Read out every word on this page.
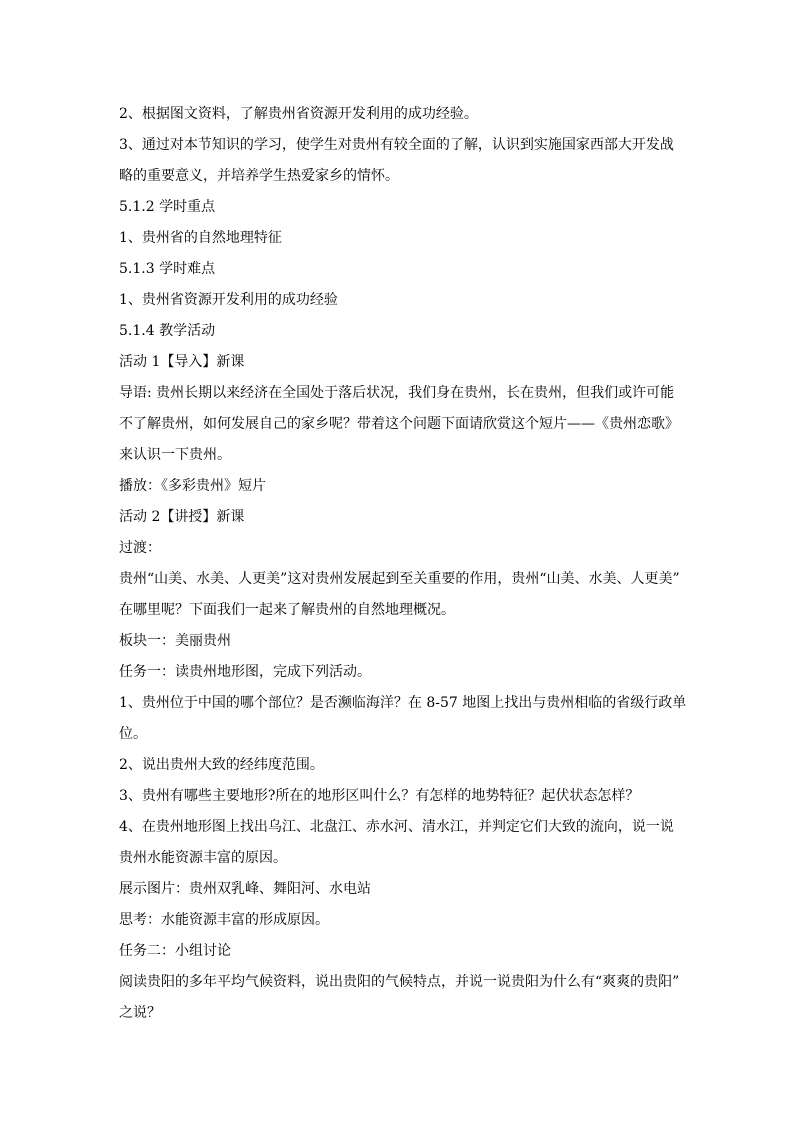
2、根据图文资料，了解贵州省资源开发利用的成功经验。
3、通过对本节知识的学习，使学生对贵州有较全面的了解，认识到实施国家西部大开发战
略的重要意义，并培养学生热爱家乡的情怀。
5.1.2 学时重点
1、贵州省的自然地理特征
5.1.3 学时难点
1、贵州省资源开发利用的成功经验
5.1.4 教学活动
活动 1【导入】新课
导语: 贵州长期以来经济在全国处于落后状况，我们身在贵州，长在贵州，但我们或许可能
不了解贵州，如何发展自己的家乡呢？带着这个问题下面请欣赏这个短片——《贵州恋歌》
来认识一下贵州。
播放：《多彩贵州》短片
活动 2【讲授】新课
过渡：
贵州“山美、水美、人更美”这对贵州发展起到至关重要的作用，贵州“山美、水美、人更美”
在哪里呢？下面我们一起来了解贵州的自然地理概况。
板块一：美丽贵州
任务一：读贵州地形图，完成下列活动。
1、贵州位于中国的哪个部位？是否濒临海洋？在 8-57 地图上找出与贵州相临的省级行政单
位。
2、说出贵州大致的经纬度范围。
3、贵州有哪些主要地形?所在的地形区叫什么？有怎样的地势特征？起伏状态怎样？
4、在贵州地形图上找出乌江、北盘江、赤水河、清水江，并判定它们大致的流向，说一说
贵州水能资源丰富的原因。
展示图片：贵州双乳峰、舞阳河、水电站
思考：水能资源丰富的形成原因。
任务二：小组讨论
阅读贵阳的多年平均气候资料，说出贵阳的气候特点，并说一说贵阳为什么有“爽爽的贵阳”
之说？
